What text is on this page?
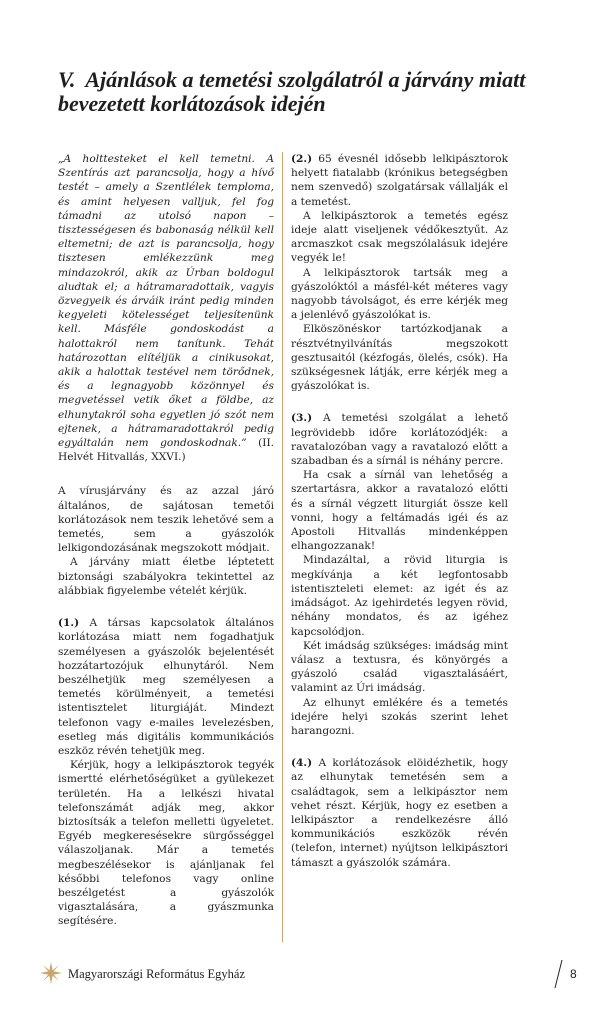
V. Ajánlások a temetési szolgálatról a járvány miatt bevezetett korlátozások idején

„A holttesteket el kell temetni. A Szentírás azt parancsolja, hogy a hívő testét – amely a Szentlélek temploma, és amint helyesen valljuk, fel fog támadni az utolsó napon – tisztességesen és babonaság nélkül kell eltemetni; de azt is parancsolja, hogy tisztesen emlékezzünk meg mindazokról, akik az Úrban boldogul aludtak el; a hátramaradottaik, vagyis özvegyeik és árváik iránt pedig minden kegyeleti kötelességet teljesítenünk kell. Másféle gondoskodást a halottakról nem tanítunk. Tehát határozottan elítéljük a cinikusokat, akik a halottak testével nem törődnek, és a legnagyobb közönnyel és megvetéssel vetik őket a földbe, az elhunytakról soha egyetlen jó szót nem ejtenek, a hátramaradottakról pedig egyáltalán nem gondoskodnak.” (II. Helvét Hitvallás, XXVI.)

A vírusjárvány és az azzal járó általános, de sajátosan temetői korlátozások nem teszik lehetővé sem a temetés, sem a gyászolók lelkigondozásának megszokott módjait.

A járvány miatt életbe léptetett biztonsági szabályokra tekintettel az alábbiak figyelembe vételét kérjük.

(1.) A társas kapcsolatok általános korlátozása miatt nem fogadhatjuk személyesen a gyászolók bejelentését hozzátartozójuk elhunytáról. Nem beszélhetjük meg személyesen a temetés körülményeit, a temetési istentisztelet liturgiáját. Mindezt telefonon vagy e-mailes levelezésben, esetleg más digitális kommunikációs eszköz révén tehetjük meg.

Kérjük, hogy a lelkipásztorok tegyék ismertté elérhetőségüket a gyülekezet területén. Ha a lelkészi hivatal telefonszámát adják meg, akkor biztosítsák a telefon melletti ügyeletet. Egyéb megkeresésekre sürgősséggel válaszoljanak. Már a temetés megbeszélésekor is ajánljanak fel későbbi telefonos vagy online beszélgetést a gyászolók vigasztalására, a gyászmunka segítésére.

(2.) 65 évesnél idősebb lelkipásztorok helyett fiatalabb (krónikus betegségben nem szenvedő) szolgatársak vállalják el a temetést.

A lelkipásztorok a temetés egész ideje alatt viseljenek védőkesztyűt. Az arcmaszkot csak megszólalásuk idejére vegyék le!

A lelkipásztorok tartsák meg a gyászolóktól a másfél-két méteres vagy nagyobb távolságot, és erre kérjék meg a jelenlévő gyászolókat is.

Elköszönéskor tartózkodjanak a résztvétnyilvánítás megszokott gesztusaitól (kézfogás, ölelés, csók). Ha szükségesnek látják, erre kérjék meg a gyászolókat is.

(3.) A temetési szolgálat a lehető legrövidebb időre korlátozódjék: a ravatalozóban vagy a ravatalozó előtt a szabadban és a sírnál is néhány percre.

Ha csak a sírnál van lehetőség a szertartásra, akkor a ravatalozó előtti és a sírnál végzett liturgiát össze kell vonni, hogy a feltámadás igéi és az Apostoli Hitvallás mindenképpen elhangozzanak!

Mindazáltal, a rövid liturgia is megkívánja a két legfontosabb istentiszteleti elemet: az igét és az imádságot. Az igehirdetés legyen rövid, néhány mondatos, és az igéhez kapcsolódjon.

Két imádság szükséges: imádság mint válasz a textusra, és könyörgés a gyászoló család vigasztalásáért, valamint az Úri imádság.

Az elhunyt emlékére és a temetés idejére helyi szokás szerint lehet harangozni.

(4.) A korlátozások elöidézhetik, hogy az elhunytak temetésén sem a családtagok, sem a lelkipásztor nem vehet részt. Kérjük, hogy ez esetben a lelkipásztor a rendelkezésre álló kommunikációs eszközök révén (telefon, internet) nyújtson lelkipásztori támaszt a gyászolók számára.

Magyarországi Református Egyház	8
